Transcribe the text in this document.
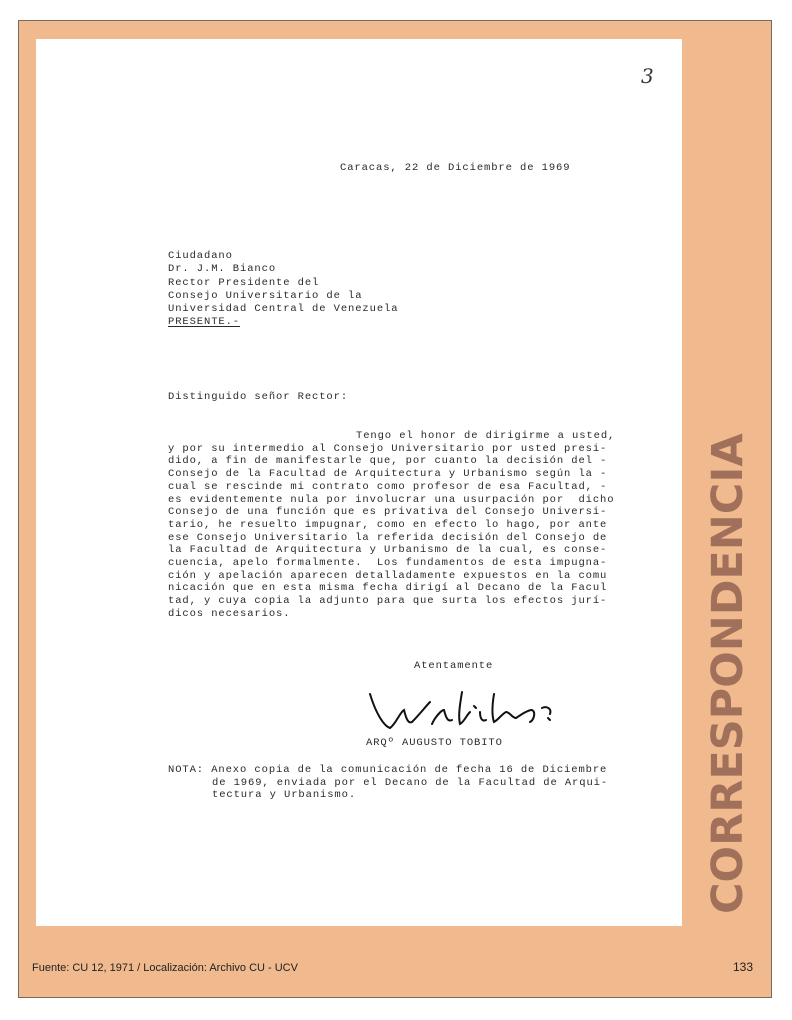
3
Caracas, 22 de Diciembre de 1969
Ciudadano
Dr. J.M. Bianco
Rector Presidente del
Consejo Universitario de la
Universidad Central de Venezuela
PRESENTE.-
Distinguido señor Rector:
Tengo el honor de dirigirme a usted,
y por su intermedio al Consejo Universitario por usted presi-
dido, a fin de manifestarle que, por cuanto la decisión del -
Consejo de la Facultad de Arquitectura y Urbanismo según la -
cual se rescinde mi contrato como profesor de esa Facultad, -
es evidentemente nula por involucrar una usurpación por  dicho
Consejo de una función que es privativa del Consejo Universi-
tario, he resuelto impugnar, como en efecto lo hago, por ante
ese Consejo Universitario la referida decisión del Consejo de
la Facultad de Arquitectura y Urbanismo de la cual, es conse-
cuencia, apelo formalmente.  Los fundamentos de esta impugna-
ción y apelación aparecen detalladamente expuestos en la comu
nicación que en esta misma fecha dirigí al Decano de la Facul
tad, y cuya copia la adjunto para que surta los efectos jurí-
dicos necesarios.
Atentamente
ARQº AUGUSTO TOBITO
NOTA: Anexo copia de la comunicación de fecha 16 de Diciembre
de 1969, enviada por el Decano de la Facultad de Arqui-
tectura y Urbanismo.	CORRESPONDENCIA
Fuente: CU 12, 1971 / Localización: Archivo CU - UCV	133
